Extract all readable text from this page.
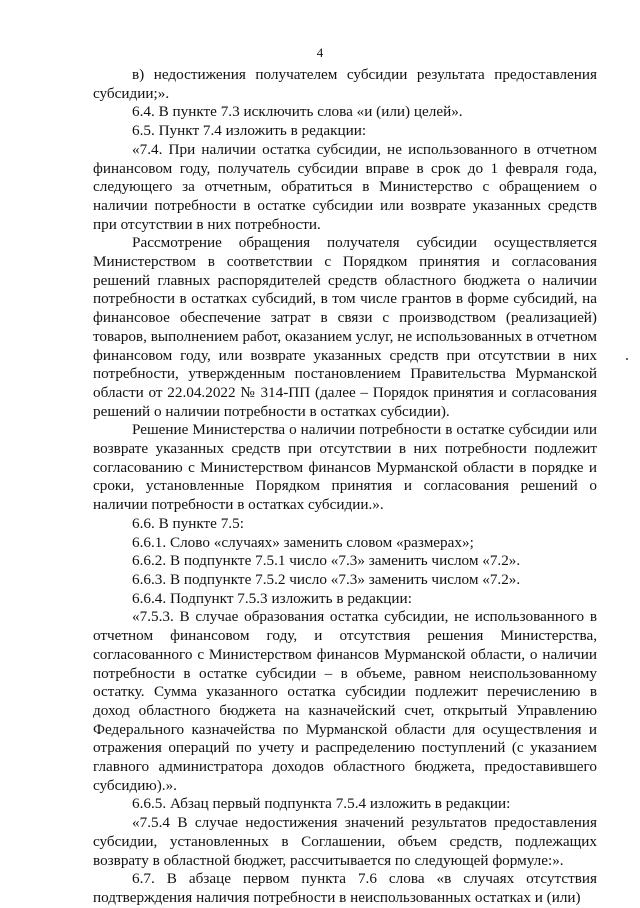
4

в) недостижения получателем субсидии результата предоставления субсидии;».

6.4. В пункте 7.3 исключить слова «и (или) целей».

6.5. Пункт 7.4 изложить в редакции:

«7.4. При наличии остатка субсидии, не использованного в отчетном финансовом году, получатель субсидии вправе в срок до 1 февраля года, следующего за отчетным, обратиться в Министерство с обращением о наличии потребности в остатке субсидии или возврате указанных средств при отсутствии в них потребности.

Рассмотрение обращения получателя субсидии осуществляется Министерством в соответствии с Порядком принятия и согласования решений главных распорядителей средств областного бюджета о наличии потребности в остатках субсидий, в том числе грантов в форме субсидий, на финансовое обеспечение затрат в связи с производством (реализацией) товаров, выполнением работ, оказанием услуг, не использованных в отчетном финансовом году, или возврате указанных средств при отсутствии в них потребности, утвержденным постановлением Правительства Мурманской области от 22.04.2022 № 314-ПП (далее – Порядок принятия и согласования решений о наличии потребности в остатках субсидии).

Решение Министерства о наличии потребности в остатке субсидии или возврате указанных средств при отсутствии в них потребности подлежит согласованию с Министерством финансов Мурманской области в порядке и сроки, установленные Порядком принятия и согласования решений о наличии потребности в остатках субсидии.».

6.6. В пункте 7.5:

6.6.1. Слово «случаях» заменить словом «размерах»;

6.6.2. В подпункте 7.5.1 число «7.3» заменить числом «7.2».

6.6.3. В подпункте 7.5.2 число «7.3» заменить числом «7.2».

6.6.4. Подпункт 7.5.3 изложить в редакции:

«7.5.3. В случае образования остатка субсидии, не использованного в отчетном финансовом году, и отсутствия решения Министерства, согласованного с Министерством финансов Мурманской области, о наличии потребности в остатке субсидии – в объеме, равном неиспользованному остатку. Сумма указанного остатка субсидии подлежит перечислению в доход областного бюджета на казначейский счет, открытый Управлению Федерального казначейства по Мурманской области для осуществления и отражения операций по учету и распределению поступлений (с указанием главного администратора доходов областного бюджета, предоставившего субсидию).».

6.6.5. Абзац первый подпункта 7.5.4 изложить в редакции:

«7.5.4 В случае недостижения значений результатов предоставления субсидии, установленных в Соглашении, объем средств, подлежащих возврату в областной бюджет, рассчитывается по следующей формуле:».

6.7. В абзаце первом пункта 7.6 слова «в случаях отсутствия подтверждения наличия потребности в неиспользованных остатках и (или)
